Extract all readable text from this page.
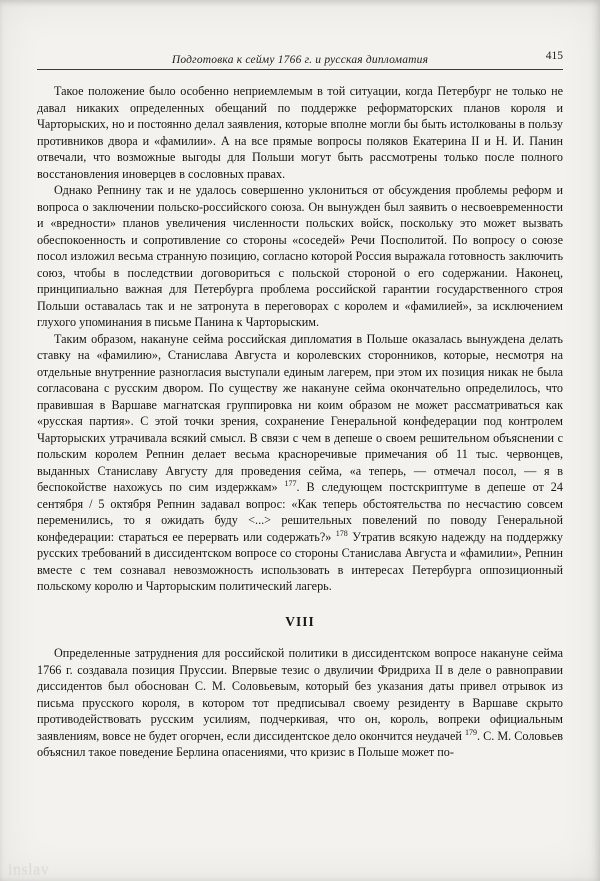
Подготовка к сейму 1766 г. и русская дипломатия	415

Такое положение было особенно неприемлемым в той ситуации, когда Петербург не только не давал никаких определенных обещаний по поддержке реформаторских планов короля и Чарторыских, но и постоянно делал заявления, которые вполне могли бы быть истолкованы в пользу противников двора и «фамилии». А на все прямые вопросы поляков Екатерина II и Н. И. Панин отвечали, что возможные выгоды для Польши могут быть рассмотрены только после полного восстановления иноверцев в сословных правах.

Однако Репнину так и не удалось совершенно уклониться от обсуждения проблемы реформ и вопроса о заключении польско-российского союза. Он вынужден был заявить о несвоевременности и «вредности» планов увеличения численности польских войск, поскольку это может вызвать обеспокоенность и сопротивление со стороны «соседей» Речи Посполитой. По вопросу о союзе посол изложил весьма странную позицию, согласно которой Россия выражала готовность заключить союз, чтобы в последствии договориться с польской стороной о его содержании. Наконец, принципиально важная для Петербурга проблема российской гарантии государственного строя Польши оставалась так и не затронута в переговорах с королем и «фамилией», за исключением глухого упоминания в письме Панина к Чарторыским.

Таким образом, накануне сейма российская дипломатия в Польше оказалась вынуждена делать ставку на «фамилию», Станислава Августа и королевских сторонников, которые, несмотря на отдельные внутренние разногласия выступали единым лагерем, при этом их позиция никак не была согласована с русским двором. По существу же накануне сейма окончательно определилось, что правившая в Варшаве магнатская группировка ни коим образом не может рассматриваться как «русская партия». С этой точки зрения, сохранение Генеральной конфедерации под контролем Чарторыских утрачивала всякий смысл. В связи с чем в депеше о своем решительном объяснении с польским королем Репнин делает весьма красноречивые примечания об 11 тыс. червонцев, выданных Станиславу Августу для проведения сейма, «а теперь, — отмечал посол, — я в беспокойстве нахожусь по сим издержкам» $^{177}$. В следующем постскриптуме в депеше от 24 сентября / 5 октября Репнин задавал вопрос: «Как теперь обстоятельства по несчастию совсем переменились, то я ожидать буду <...> решительных повелений по поводу Генеральной конфедерации: стараться ее перервать или содержать?» $^{178}$ Утратив всякую надежду на поддержку русских требований в диссидентском вопросе со стороны Станислава Августа и «фамилии», Репнин вместе с тем сознавал невозможность использовать в интересах Петербурга оппозиционный польскому королю и Чарторыским политический лагерь.

VIII

Определенные затруднения для российской политики в диссидентском вопросе накануне сейма 1766 г. создавала позиция Пруссии. Впервые тезис о двуличии Фридриха II в деле о равноправии диссидентов был обоснован С. М. Соловьевым, который без указания даты привел отрывок из письма прусского короля, в котором тот предписывал своему резиденту в Варшаве скрыто противодействовать русским усилиям, подчеркивая, что он, король, вопреки официальным заявлениям, вовсе не будет огорчен, если диссидентское дело окончится неудачей $^{179}$. С. М. Соловьев объяснил такое поведение Берлина опасениями, что кризис в Польше может по-

inslav
